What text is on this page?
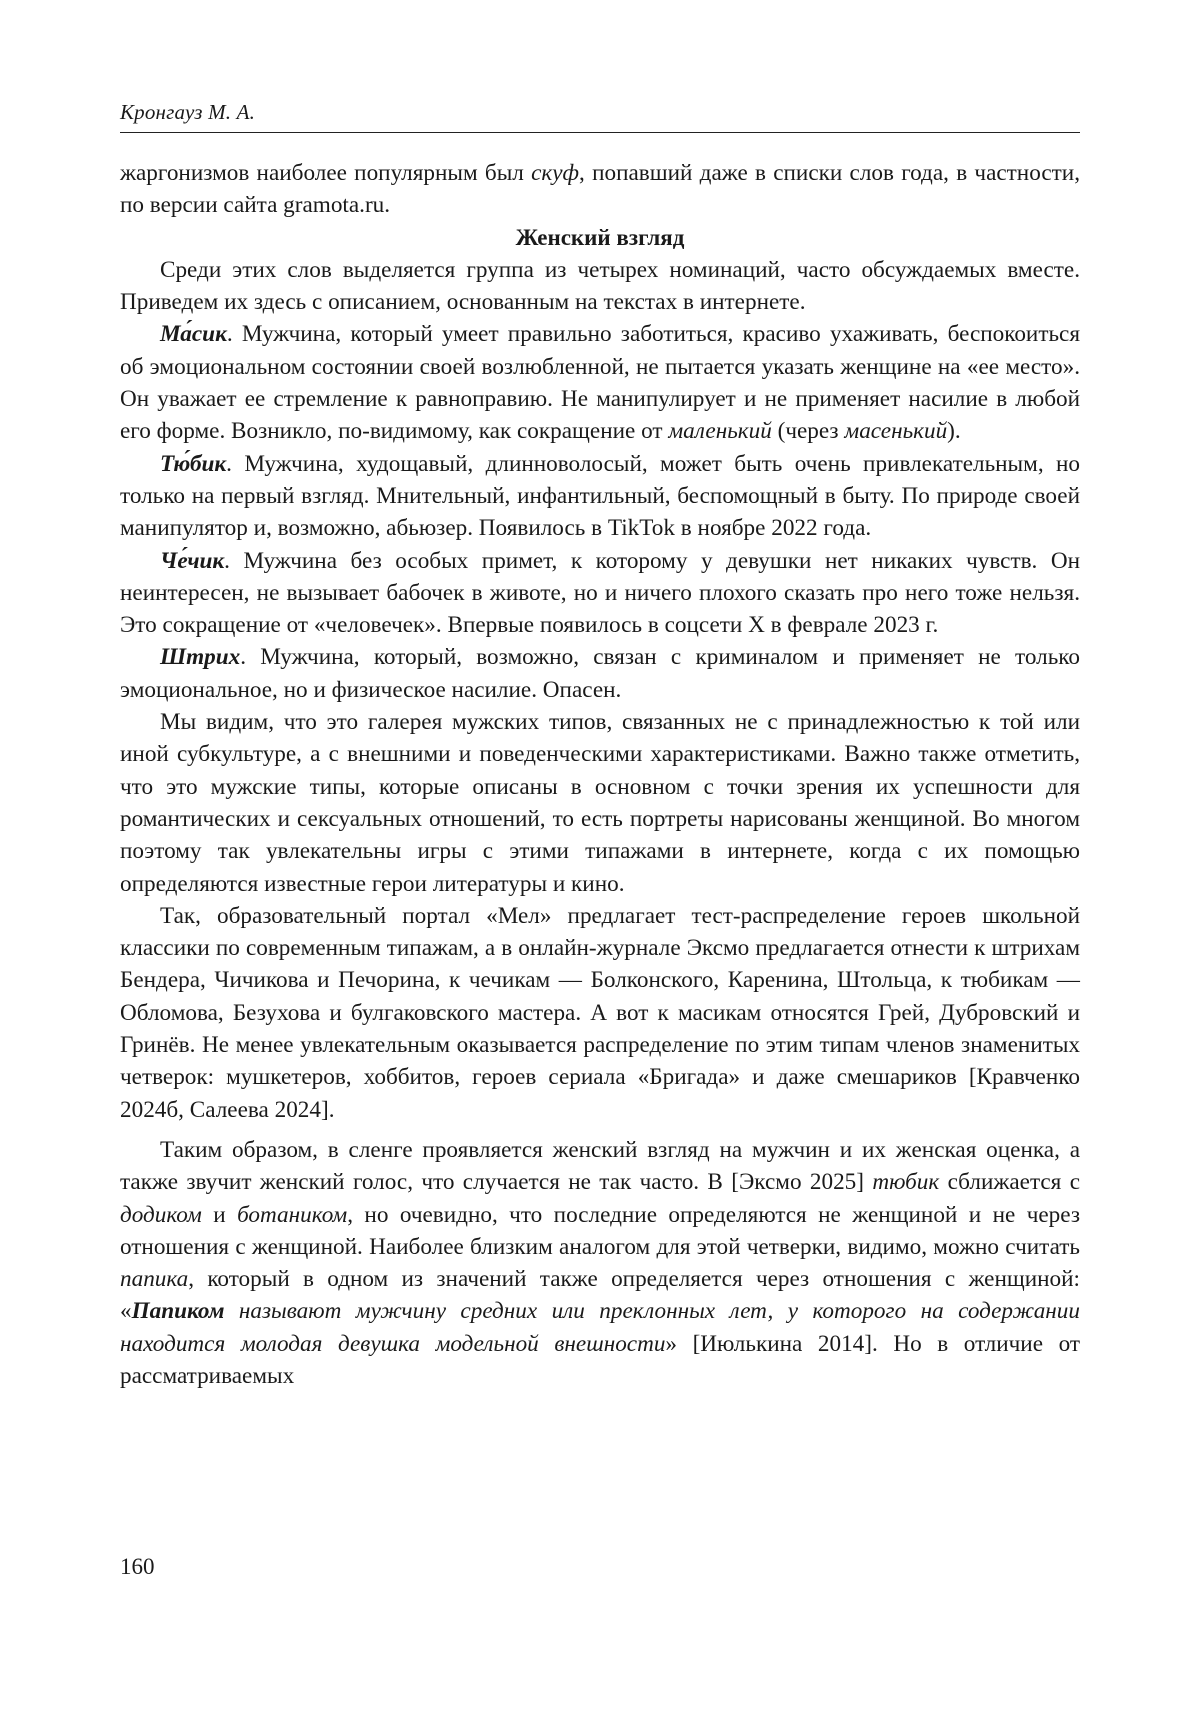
Кронгауз М. А.

жаргонизмов наиболее популярным был скуф, попавший даже в списки слов года, в частности, по версии сайта gramota.ru.

Женский взгляд

Среди этих слов выделяется группа из четырех номинаций, часто обсуждаемых вместе. Приведем их здесь с описанием, основанным на текстах в интернете.

Ма́сик. Мужчина, который умеет правильно заботиться, красиво ухаживать, беспокоиться об эмоциональном состоянии своей возлюбленной, не пытается указать женщине на «ее место». Он уважает ее стремление к равноправию. Не манипулирует и не применяет насилие в любой его форме. Возникло, по-видимому, как сокращение от маленький (через масенький).

Тю́бик. Мужчина, худощавый, длинноволосый, может быть очень привлекательным, но только на первый взгляд. Мнительный, инфантильный, беспомощный в быту. По природе своей манипулятор и, возможно, абьюзер. Появилось в TikTok в ноябре 2022 года.

Че́чик. Мужчина без особых примет, к которому у девушки нет никаких чувств. Он неинтересен, не вызывает бабочек в животе, но и ничего плохого сказать про него тоже нельзя. Это сокращение от «человечек». Впервые появилось в соцсети X в феврале 2023 г.

Штрих. Мужчина, который, возможно, связан с криминалом и применяет не только эмоциональное, но и физическое насилие. Опасен.

Мы видим, что это галерея мужских типов, связанных не с принадлежностью к той или иной субкультуре, а с внешними и поведенческими характеристиками. Важно также отметить, что это мужские типы, которые описаны в основном с точки зрения их успешности для романтических и сексуальных отношений, то есть портреты нарисованы женщиной. Во многом поэтому так увлекательны игры с этими типажами в интернете, когда с их помощью определяются известные герои литературы и кино.

Так, образовательный портал «Мел» предлагает тест-распределение героев школьной классики по современным типажам, а в онлайн-журнале Эксмо предлагается отнести к штрихам Бендера, Чичикова и Печорина, к чечикам — Болконского, Каренина, Штольца, к тюбикам — Обломова, Безухова и булгаковского мастера. А вот к масикам относятся Грей, Дубровский и Гринёв. Не менее увлекательным оказывается распределение по этим типам членов знаменитых четверок: мушкетеров, хоббитов, героев сериала «Бригада» и даже смешариков [Кравченко 2024б, Салеева 2024].

Таким образом, в сленге проявляется женский взгляд на мужчин и их женская оценка, а также звучит женский голос, что случается не так часто. В [Эксмо 2025] тюбик сближается с додиком и ботаником, но очевидно, что последние определяются не женщиной и не через отношения с женщиной. Наиболее близким аналогом для этой четверки, видимо, можно считать папика, который в одном из значений также определяется через отношения с женщиной: «Папиком называют мужчину средних или преклонных лет, у которого на содержании находится молодая девушка модельной внешности» [Июлькина 2014]. Но в отличие от рассматриваемых

160
